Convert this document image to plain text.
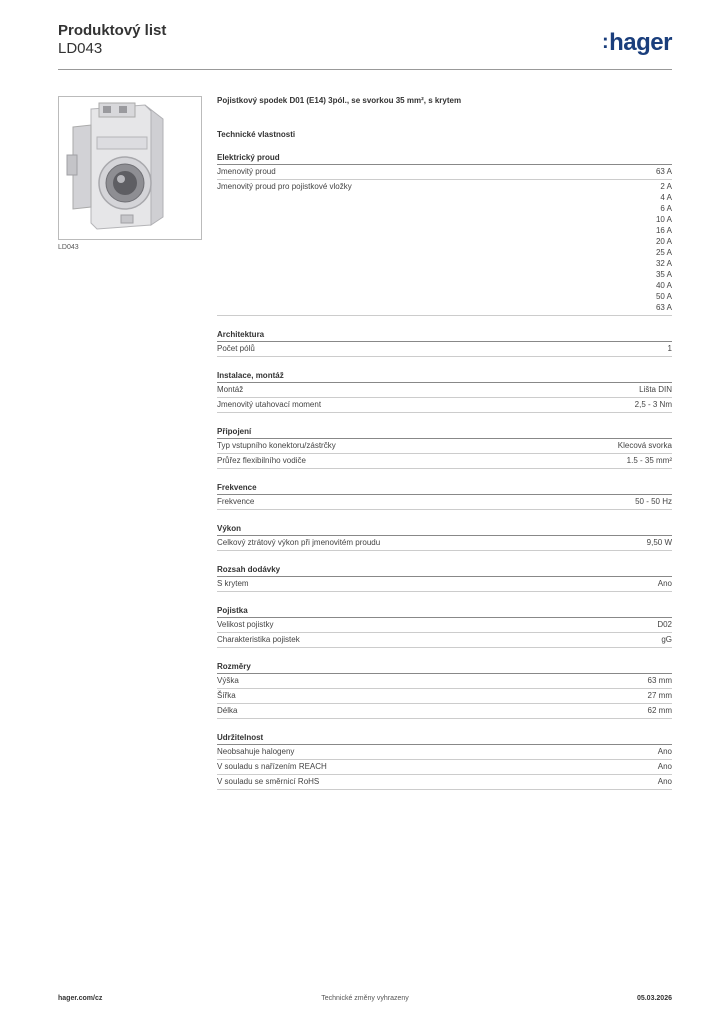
Produktový list
LD043	:hager
LD043
Pojistkový spodek D01 (E14) 3pól., se svorkou 35 mm², s krytem
Technické vlastnosti
Elektrický proud
Jmenovitý proud	63 A
Jmenovitý proud pro pojistkové vložky	2 A
4 A
6 A
10 A
16 A
20 A
25 A
32 A
35 A
40 A
50 A
63 A
Architektura
Počet pólů	1
Instalace, montáž
Montáž	Lišta DIN
Jmenovitý utahovací moment	2,5 - 3 Nm
Připojení
Typ vstupního konektoru/zástrčky	Klecová svorka
Průřez flexibilního vodiče	1.5 - 35 mm²
Frekvence
Frekvence	50 - 50 Hz
Výkon
Celkový ztrátový výkon při jmenovitém proudu	9,50 W
Rozsah dodávky
S krytem	Ano
Pojistka
Velikost pojistky	D02
Charakteristika pojistek	gG
Rozměry
Výška	63 mm
Šířka	27 mm
Délka	62 mm
Udržitelnost
Neobsahuje halogeny	Ano
V souladu s nařízením REACH	Ano
V souladu se směrnicí RoHS	Ano
hager.com/cz	Technické změny vyhrazeny	05.03.2026
